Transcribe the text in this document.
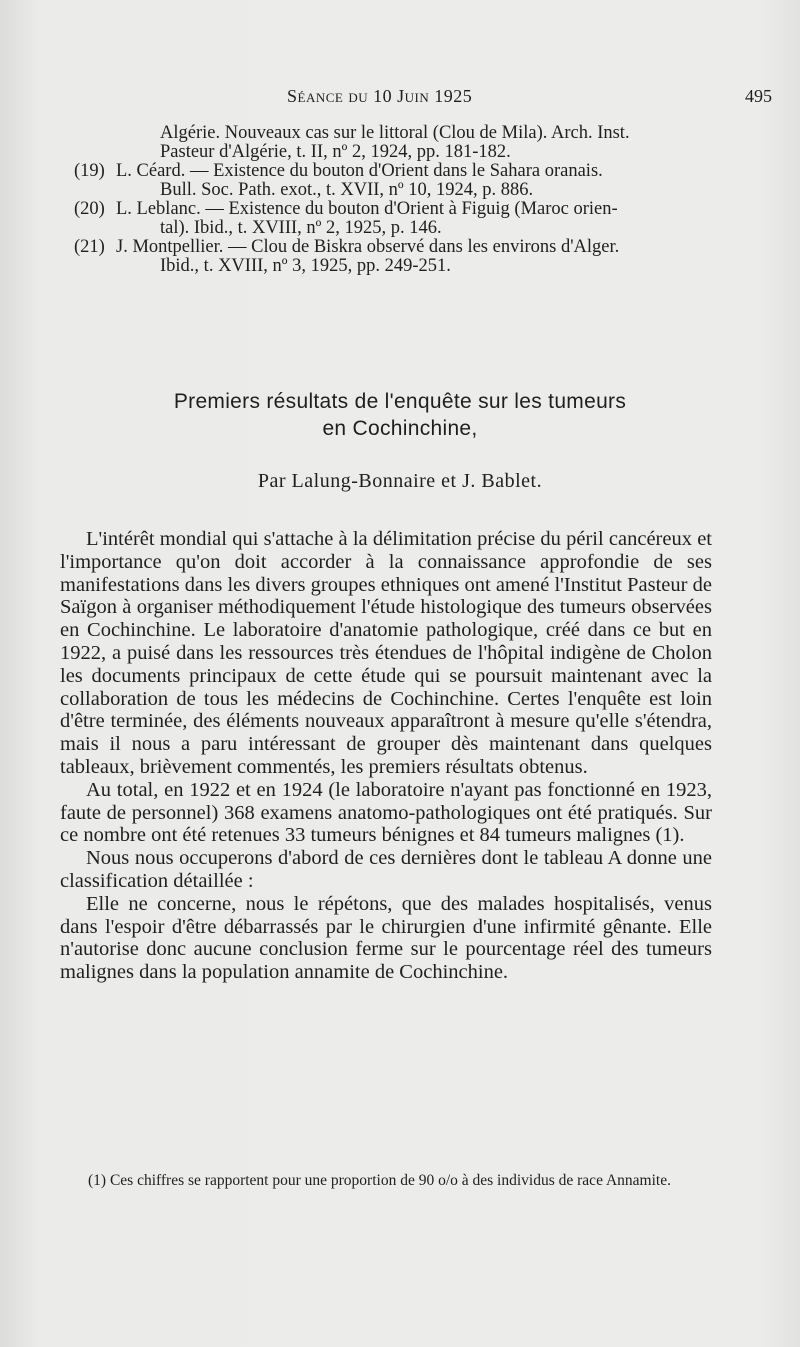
Séance du 10 Juin 1925	495
Algérie. Nouveaux cas sur le littoral (Clou de Mila). Arch. Inst.
Pasteur d'Algérie, t. II, nº 2, 1924, pp. 181-182.
(19) L. Céard. — Existence du bouton d'Orient dans le Sahara oranais.
Bull. Soc. Path. exot., t. XVII, nº 10, 1924, p. 886.
(20) L. Leblanc. — Existence du bouton d'Orient à Figuig (Maroc orien-
tal). Ibid., t. XVIII, nº 2, 1925, p. 146.
(21) J. Montpellier. — Clou de Biskra observé dans les environs d'Alger.
Ibid., t. XVIII, nº 3, 1925, pp. 249-251.
Premiers résultats de l'enquête sur les tumeurs
en Cochinchine,
Par Lalung-Bonnaire et J. Bablet.

L'intérêt mondial qui s'attache à la délimitation précise du péril cancéreux et l'importance qu'on doit accorder à la connaissance approfondie de ses manifestations dans les divers groupes ethniques ont amené l'Institut Pasteur de Saïgon à organiser méthodiquement l'étude histologique des tumeurs observées en Cochinchine. Le laboratoire d'anatomie pathologique, créé dans ce but en 1922, a puisé dans les ressources très étendues de l'hôpital indigène de Cholon les documents principaux de cette étude qui se poursuit maintenant avec la collaboration de tous les médecins de Cochinchine. Certes l'enquête est loin d'être terminée, des éléments nouveaux apparaîtront à mesure qu'elle s'étendra, mais il nous a paru intéressant de grouper dès maintenant dans quelques tableaux, brièvement commentés, les premiers résultats obtenus.

Au total, en 1922 et en 1924 (le laboratoire n'ayant pas fonctionné en 1923, faute de personnel) 368 examens anatomo-pathologiques ont été pratiqués. Sur ce nombre ont été retenues 33 tumeurs bénignes et 84 tumeurs malignes (1).

Nous nous occuperons d'abord de ces dernières dont le tableau A donne une classification détaillée :

Elle ne concerne, nous le répétons, que des malades hospitalisés, venus dans l'espoir d'être débarrassés par le chirurgien d'une infirmité gênante. Elle n'autorise donc aucune conclusion ferme sur le pourcentage réel des tumeurs malignes dans la population annamite de Cochinchine.

(1) Ces chiffres se rapportent pour une proportion de 90 o/o à des individus de race Annamite.
